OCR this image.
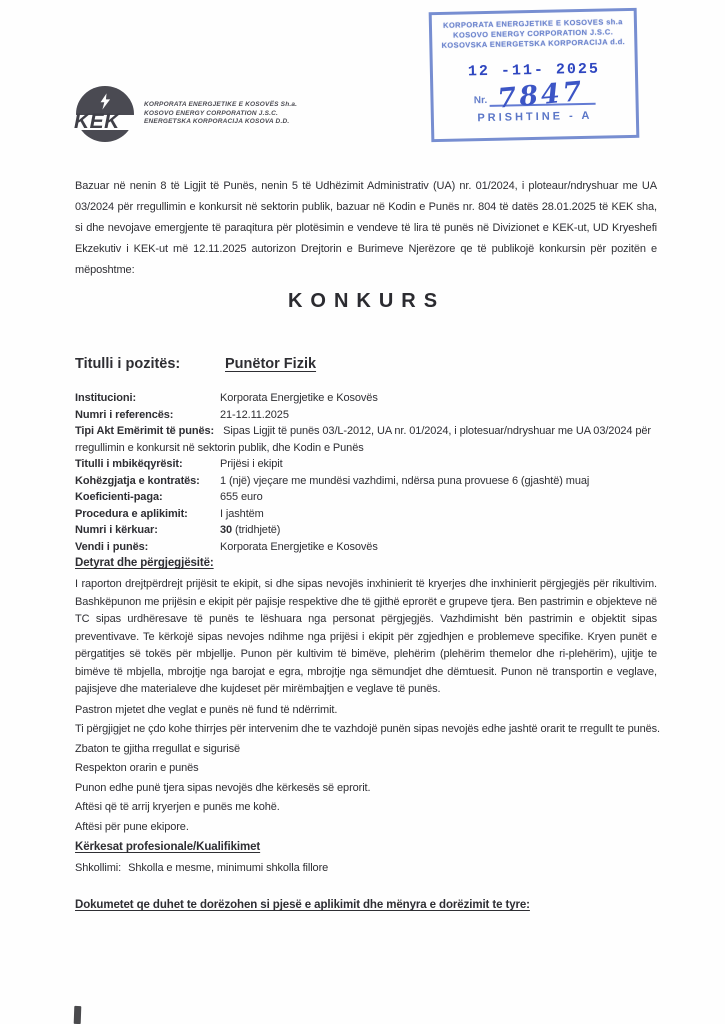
KORPORATA ENERGJETIKE E KOSOVES sh.a
KOSOVO ENERGY CORPORATION J.S.C.
KOSOVSKA ENERGETSKA KORPORACIJA d.d.
12 -11- 2025
Nr. 7847
PRISHTINE - A
KEK
KORPORATA ENERGJETIKE E KOSOVËS Sh.a.
KOSOVO ENERGY CORPORATION J.S.C.
ENERGETSKA KORPORACIJA KOSOVA D.D.

Bazuar në nenin 8 të Ligjit të Punës, nenin 5 të Udhëzimit Administrativ (UA) nr. 01/2024, i ploteaur/ndryshuar me UA 03/2024 për rregullimin e konkursit në sektorin publik, bazuar në Kodin e Punës nr. 804 të datës 28.01.2025 të KEK sha, si dhe nevojave emergjente të paraqitura për plotësimin e vendeve të lira të punës në Divizionet e KEK-ut, UD Kryeshefi Ekzekutiv i KEK-ut më 12.11.2025 autorizon Drejtorin e Burimeve Njerëzore qe të publikojë konkursin për pozitën e mëposhtme:

KONKURS
Titulli i pozitës:	Punëtor Fizik
Institucioni:	Korporata Energjetike e Kosovës
Numri i referencës:	21-12.11.2025

Tipi Akt Emërimit të punës: Sipas Ligjit të punës 03/L-2012, UA nr. 01/2024, i plotesuar/ndryshuar me UA 03/2024 për rregullimin e konkursit në sektorin publik, dhe Kodin e Punës

Titulli i mbikëqyrësit:	Prijësi i ekipit
Kohëzgjatja e kontratës:	1 (një) vjeçare me mundësi vazhdimi, ndërsa puna provuese 6 (gjashtë) muaj
Koeficienti-paga:	655 euro
Procedura e aplikimit:	I jashtëm
Numri i kërkuar:	30 (tridhjetë)
Vendi i punës:	Korporata Energjetike e Kosovës
Detyrat dhe përgjegjësitë:

I raporton drejtpërdrejt prijësit te ekipit, si dhe sipas nevojës inxhinierit të kryerjes dhe inxhinierit përgjegjës për rikultivim. Bashkëpunon me prijësin e ekipit për pajisje respektive dhe të gjithë eprorët e grupeve tjera. Ben pastrimin e objekteve në TC sipas urdhëresave të punës te lëshuara nga personat përgjegjës. Vazhdimisht bën pastrimin e objektit sipas preventivave. Te kërkojë sipas nevojes ndihme nga prijësi i ekipit për zgjedhjen e problemeve specifike. Kryen punët e përgatitjes së tokës për mbjellje. Punon për kultivim të bimëve, plehërim (plehërim themelor dhe ri-plehërim), ujitje te bimëve të mbjella, mbrojtje nga barojat e egra, mbrojtje nga sëmundjet dhe dëmtuesit. Punon në transportin e veglave, pajisjeve dhe materialeve dhe kujdeset për mirëmbajtjen e veglave të punës.

Pastron mjetet dhe veglat e punës në fund të ndërrimit.
Ti përgjigjet ne çdo kohe thirrjes për intervenim dhe te vazhdojë punën sipas nevojës edhe jashtë orarit te rregullt te punës.
Zbaton te gjitha rregullat e sigurisë
Respekton orarin e punës
Punon edhe punë tjera sipas nevojës dhe kërkesës së eprorit.
Aftësi që të arrij kryerjen e punës me kohë.
Aftësi për pune ekipore.
Kërkesat profesionale/Kualifikimet

Shkollimi: Shkolla e mesme, minimumi shkolla fillore

Dokumetet qe duhet te dorëzohen si pjesë e aplikimit dhe mënyra e dorëzimit te tyre:
